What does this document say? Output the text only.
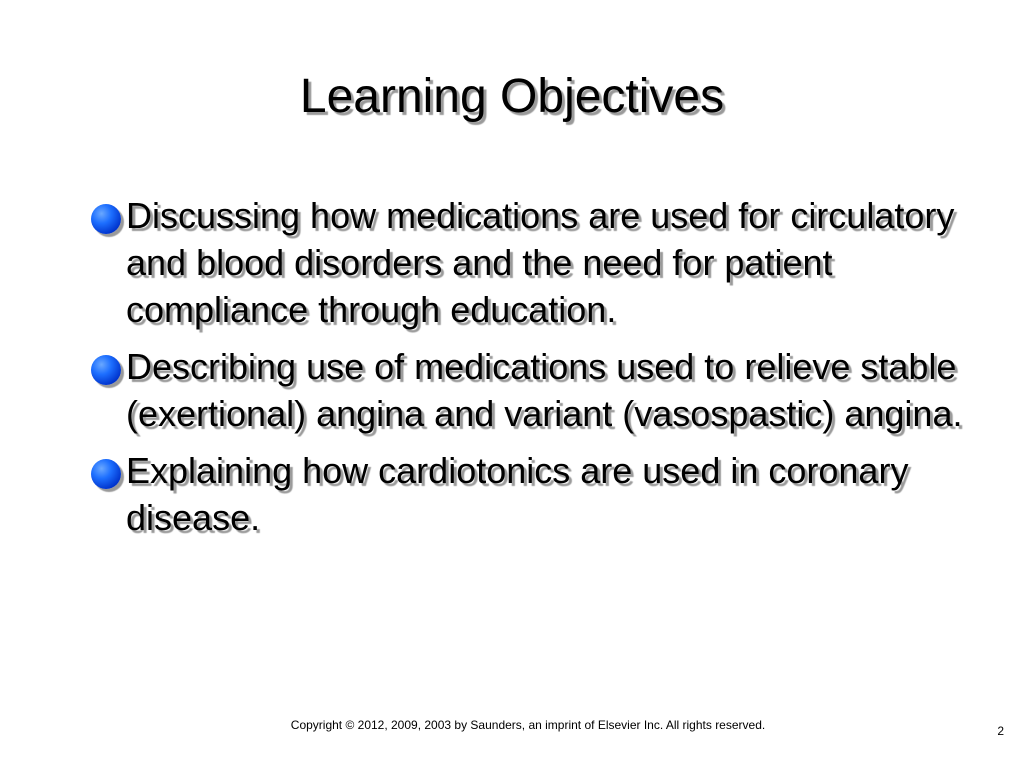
Learning Objectives
Discussing how medications are used for circulatory and blood disorders and the need for patient compliance through education.
Describing use of medications used to relieve stable (exertional) angina and variant (vasospastic) angina.
Explaining how cardiotonics are used in coronary disease.
Copyright © 2012, 2009, 2003 by Saunders, an imprint of Elsevier Inc. All rights reserved.	2
